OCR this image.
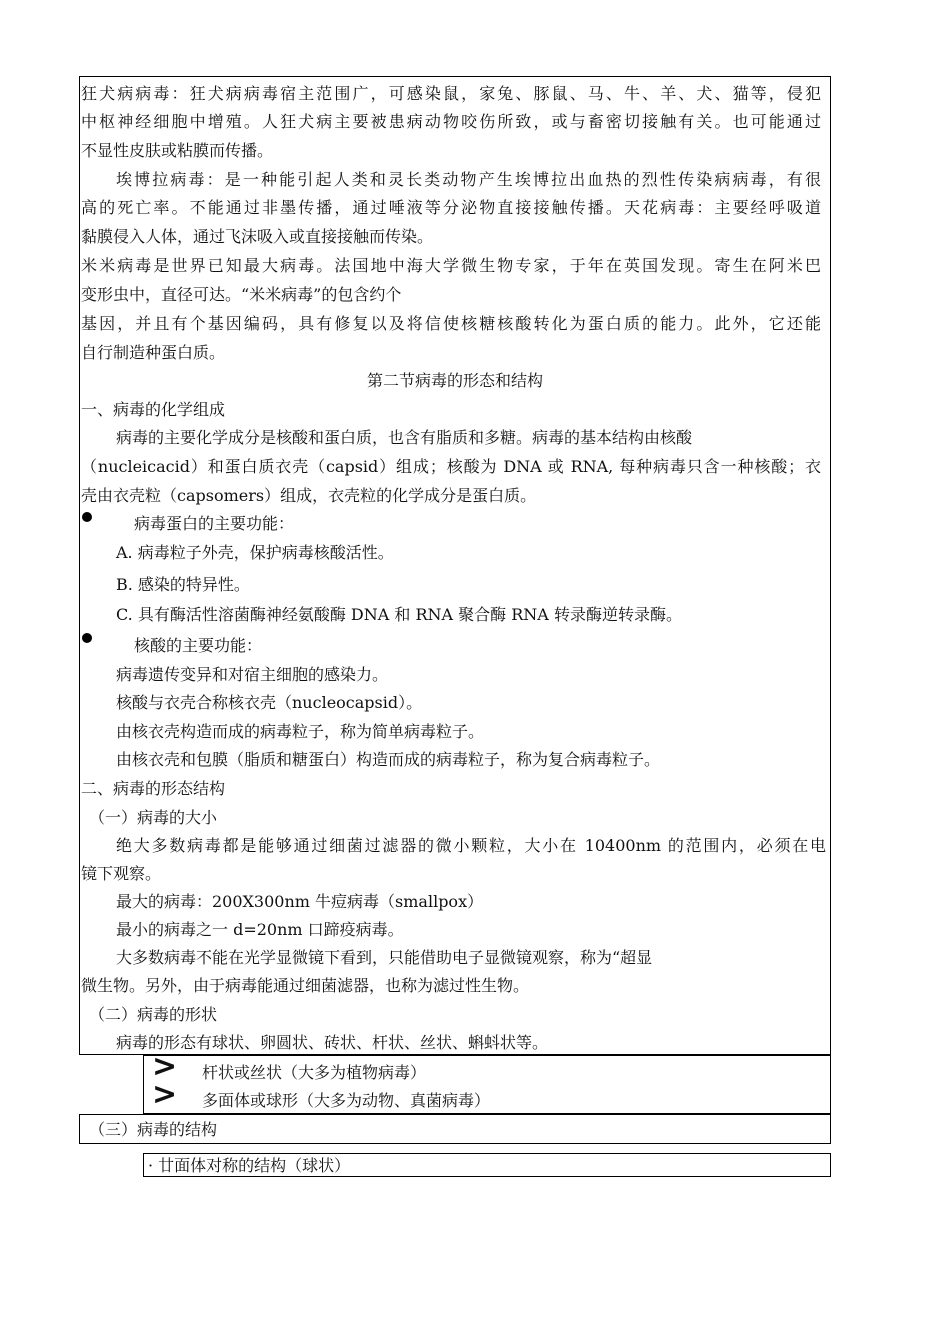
狂犬病病毒：狂犬病病毒宿主范围广，可感染鼠，家兔、豚鼠、马、牛、羊、犬、猫等，侵犯
中枢神经细胞中增殖。人狂犬病主要被患病动物咬伤所致，或与畜密切接触有关。也可能通过
不显性皮肤或粘膜而传播。
埃博拉病毒：是一种能引起人类和灵长类动物产生埃博拉出血热的烈性传染病病毒，有很
高的死亡率。不能通过非墨传播，通过唾液等分泌物直接接触传播。天花病毒：主要经呼吸道
黏膜侵入人体，通过飞沫吸入或直接接触而传染。
米米病毒是世界已知最大病毒。法国地中海大学微生物专家，于年在英国发现。寄生在阿米巴
变形虫中，直径可达。“米米病毒”的包含约个
基因，并且有个基因编码，具有修复以及将信使核糖核酸转化为蛋白质的能力。此外，它还能
自行制造种蛋白质。
第二节病毒的形态和结构
一、病毒的化学组成
病毒的主要化学成分是核酸和蛋白质，也含有脂质和多糖。病毒的基本结构由核酸
（nucleicacid）和蛋白质衣壳（capsid）组成；核酸为 DNA 或 RNA, 每种病毒只含一种核酸；衣
壳由衣壳粒（capsomers）组成，衣壳粒的化学成分是蛋白质。
病毒蛋白的主要功能：
A. 病毒粒子外壳，保护病毒核酸活性。
B. 感染的特异性。
C. 具有酶活性溶菌酶神经氨酸酶 DNA 和 RNA 聚合酶 RNA 转录酶逆转录酶。
核酸的主要功能：
病毒遗传变异和对宿主细胞的感染力。
核酸与衣壳合称核衣壳（nucleocapsid）。
由核衣壳构造而成的病毒粒子，称为简单病毒粒子。
由核衣壳和包膜（脂质和糖蛋白）构造而成的病毒粒子，称为复合病毒粒子。
二、病毒的形态结构
（一）病毒的大小
绝大多数病毒都是能够通过细菌过滤器的微小颗粒，大小在 10400nm 的范围内，必须在电
镜下观察。
最大的病毒：200X300nm 牛痘病毒（smallpox）
最小的病毒之一 d=20nm 口蹄疫病毒。
大多数病毒不能在光学显微镜下看到，只能借助电子显微镜观察，称为“超显
微生物。另外，由于病毒能通过细菌滤器，也称为滤过性生物。
（二）病毒的形状
病毒的形态有球状、卵圆状、砖状、杆状、丝状、蝌蚪状等。
>
>
杆状或丝状（大多为植物病毒）
多面体或球形（大多为动物、真菌病毒）
（三）病毒的结构
· 廿面体对称的结构（球状）
